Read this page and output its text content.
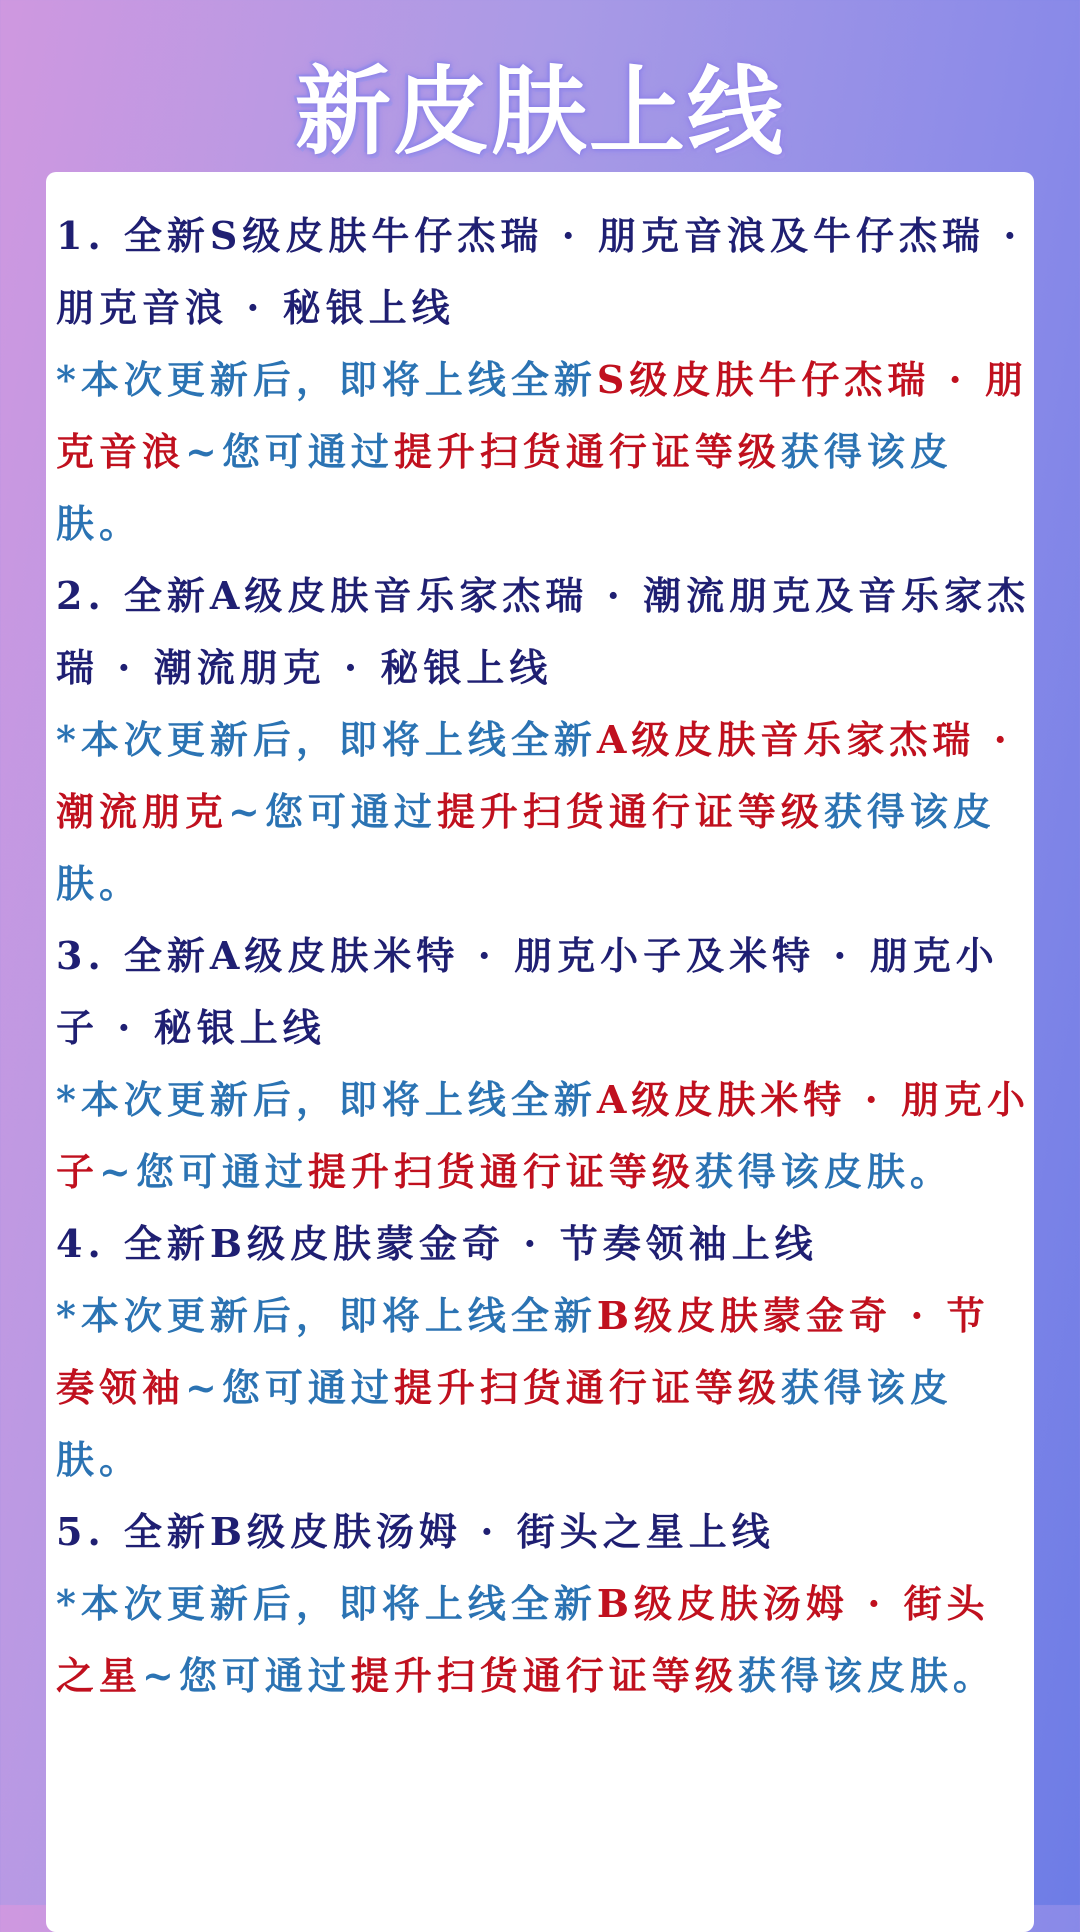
新皮肤上线

1. 全新S级皮肤牛仔杰瑞 · 朋克音浪及牛仔杰瑞 · 朋克音浪 · 秘银上线

*本次更新后，即将上线全新S级皮肤牛仔杰瑞 · 朋克音浪~您可通过提升扫货通行证等级获得该皮肤。

2. 全新A级皮肤音乐家杰瑞 · 潮流朋克及音乐家杰瑞 · 潮流朋克 · 秘银上线

*本次更新后，即将上线全新A级皮肤音乐家杰瑞 · 潮流朋克~您可通过提升扫货通行证等级获得该皮肤。

3. 全新A级皮肤米特 · 朋克小子及米特 · 朋克小子 · 秘银上线

*本次更新后，即将上线全新A级皮肤米特 · 朋克小子~您可通过提升扫货通行证等级获得该皮肤。

4. 全新B级皮肤蒙金奇 · 节奏领袖上线

*本次更新后，即将上线全新B级皮肤蒙金奇 · 节奏领袖~您可通过提升扫货通行证等级获得该皮肤。

5. 全新B级皮肤汤姆 · 街头之星上线

*本次更新后，即将上线全新B级皮肤汤姆 · 街头之星~您可通过提升扫货通行证等级获得该皮肤。
